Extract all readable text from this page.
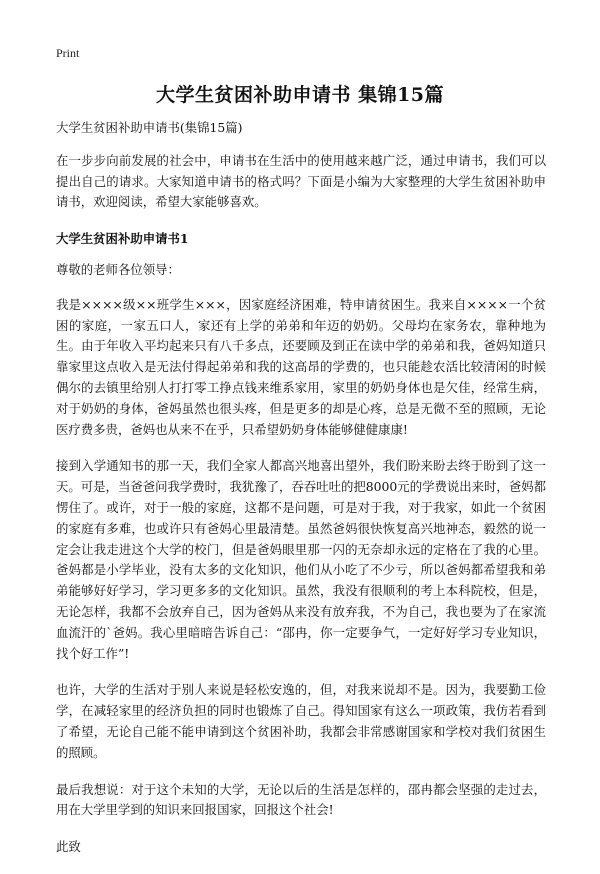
Print
大学生贫困补助申请书 集锦15篇

大学生贫困补助申请书(集锦15篇)

在一步步向前发展的社会中，申请书在生活中的使用越来越广泛，通过申请书，我们可以提出自己的请求。大家知道申请书的格式吗？下面是小编为大家整理的大学生贫困补助申请书，欢迎阅读，希望大家能够喜欢。

大学生贫困补助申请书1

尊敬的老师各位领导：

我是××××级××班学生×××，因家庭经济困难，特申请贫困生。我来自××××一个贫困的家庭，一家五口人，家还有上学的弟弟和年迈的奶奶。父母均在家务农，靠种地为生。由于年收入平均起来只有八千多点，还要顾及到正在读中学的弟弟和我，爸妈知道只靠家里这点收入是无法付得起弟弟和我的这高昂的学费的，也只能趁农活比较清闲的时候偶尔的去镇里给别人打打零工挣点钱来维系家用，家里的奶奶身体也是欠佳，经常生病，对于奶奶的身体，爸妈虽然也很头疼，但是更多的却是心疼，总是无微不至的照顾，无论医疗费多贵，爸妈也从来不在乎，只希望奶奶身体能够健健康康!

接到入学通知书的那一天，我们全家人都高兴地喜出望外，我们盼来盼去终于盼到了这一天。可是，当爸爸问我学费时，我犹豫了，吞吞吐吐的把8000元的学费说出来时，爸妈都愣住了。或许，对于一般的家庭，这都不是问题，可是对于我，对于我家，如此一个贫困的家庭有多难，也或许只有爸妈心里最清楚。虽然爸妈很快恢复高兴地神态，毅然的说一定会让我走进这个大学的校门，但是爸妈眼里那一闪的无奈却永远的定格在了我的心里。爸妈都是小学毕业，没有太多的文化知识，他们从小吃了不少亏，所以爸妈都希望我和弟弟能够好好学习，学习更多多的文化知识。虽然，我没有很顺利的考上本科院校，但是，无论怎样，我都不会放弃自己，因为爸妈从来没有放弃我，不为自己，我也要为了在家流血流汗的`爸妈。我心里暗暗告诉自己：“邵冉，你一定要争气，一定好好学习专业知识，找个好工作”!

也许，大学的生活对于别人来说是轻松安逸的，但，对我来说却不是。因为，我要勤工俭学，在减轻家里的经济负担的同时也锻炼了自己。得知国家有这么一项政策，我仿若看到了希望，无论自己能不能申请到这个贫困补助，我都会非常感谢国家和学校对我们贫困生的照顾。

最后我想说：对于这个未知的大学，无论以后的生活是怎样的，邵冉都会坚强的走过去，用在大学里学到的知识来回报国家，回报这个社会!

此致
